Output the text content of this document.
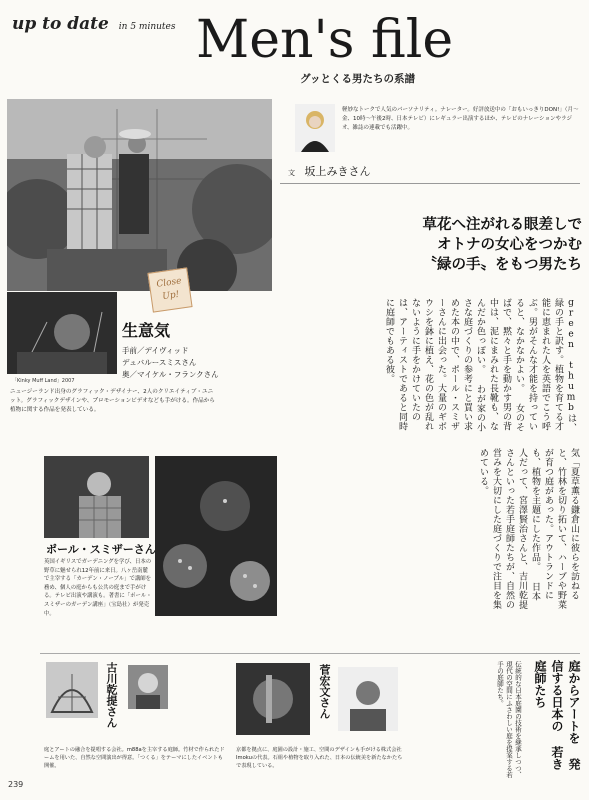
up to date in 5 minutes Men's file
グッとくる男たちの系譜
軽妙なトークで人気のパーソナリティ。ナレーター。好評放送中の「おもいっきりDON!」（月〜金、10時〜午後2時、日本テレビ）にレギュラー出演するほか、テレビのナレーションやラジオ、雑誌の連載でも活躍中。
文 坂上みきさん
草花へ注がれる眼差しで
オトナの女心をつかむ
〝緑の手〟をもつ男たち
Close
Up!
「Kinky Muff Land」2007
生意気
手前／デイヴィッド
デュバルースミスさん
奥／マイケル・フランクさん
ニュージーランド出身のグラフィック・デザイナー、2人のクリエイティブ・ユニット。グラフィックデザインや、プロモーションビデオなども手がける。作品から植物に関する作品を発表している。	green thumbは、緑の手と訳す。植物を育てる才能に恵まれた人を英語でこう呼ぶ。男がそんな才能を持っていると、なかなかよい。 女のそばで、黙々と手を動かす男の背中は、泥にまみれた長靴も、なんだか色っぽい。 わが家の小さな庭づくりの参考にと買い求めた本の中で、ポール・スミザーさんに出会った。大量のギボウシを鉢に植え、花の色が乱れないように手をかけていたのは、アーティストであると同時に庭師でもある彼。
ポール・スミザーさん
英国イギリスでガーデニングを学び、日本の野草に魅せられ12年前に来日。八ヶ岳南麓で主宰する「カーデン・ノーブル」で講師を務め、個人の庭からも公共の庭まで手がける。テレビ出演や講演も。著書に「ポール・スミザーのガーデン講座」（宝島社）が発売中。
気「夏草薫る鎌倉山に彼らを訪ねると、竹林を切り拓いて、ハーブや野菜が育つ庭があった。アウトランドにも、植物を主題にした作品。 日本人だって、宮澤賢治さんと、吉川乾提さんといった若手庭師たちが、自然の営みを大切にした庭づくりで注目を集めている。
古川乾提さん
庭とアートの融合を提唱する会社。m88aを主宰する庭師。竹材で作られたドームを用いた、自然な空間演出が得意。「つくる」をテーマにしたイベントも開催。
菅宏文さん
京都を拠点に、庭園の設計・施工、空間のデザインも手がける株式会社Imokuの代表。石組や植物を取り入れた、日本の伝統美を新たなかたちで表現している。	伝統的な日本庭園の技術を継承しつつ、現代の空間にふさわしい庭を提案する若手の庭師たち。	庭からアートを 発信する日本の 若き庭師たち
239
